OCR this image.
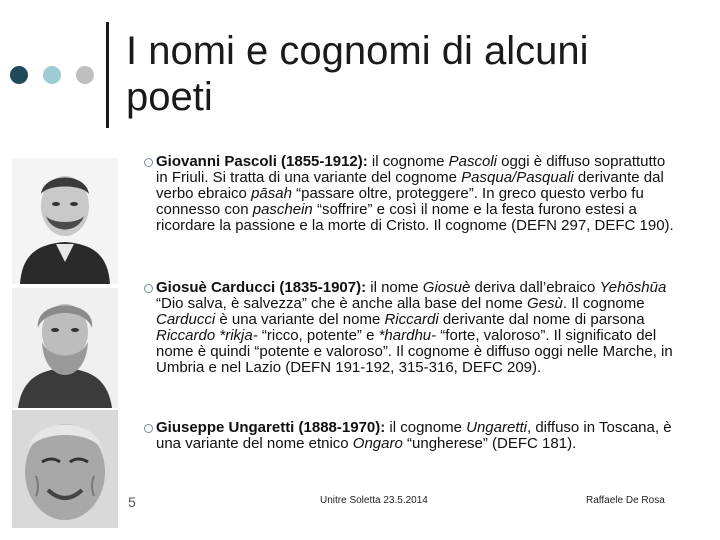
I nomi e cognomi di alcuni poeti
Giovanni Pascoli (1855-1912): il cognome Pascoli oggi è diffuso soprattutto in Friuli. Si tratta di una variante del cognome Pasqua/Pasquali derivante dal verbo ebraico pāsah “passare oltre, proteggere”. In greco questo verbo fu connesso con paschein “soffrire” e così il nome e la festa furono estesi a ricordare la passione e la morte di Cristo. Il cognome (DEFN 297, DEFC 190).
Giosuè Carducci (1835-1907): il nome Giosuè deriva dall’ebraico Yehōshūa “Dio salva, è salvezza” che è anche alla base del nome Gesù. Il cognome Carducci è una variante del nome Riccardi derivante dal nome di parsona Riccardo *rikja- “ricco, potente” e *hardhu- “forte, valoroso”. Il significato del nome è quindi “potente e valoroso”. Il cognome è diffuso oggi nelle Marche, in Umbria e nel Lazio (DEFN 191-192, 315-316, DEFC 209).
Giuseppe Ungaretti (1888-1970): il cognome Ungaretti, diffuso in Toscana, è una variante del nome etnico Ongaro “ungherese” (DEFC 181).
5	Unitre Soletta 23.5.2014	Raffaele De Rosa
